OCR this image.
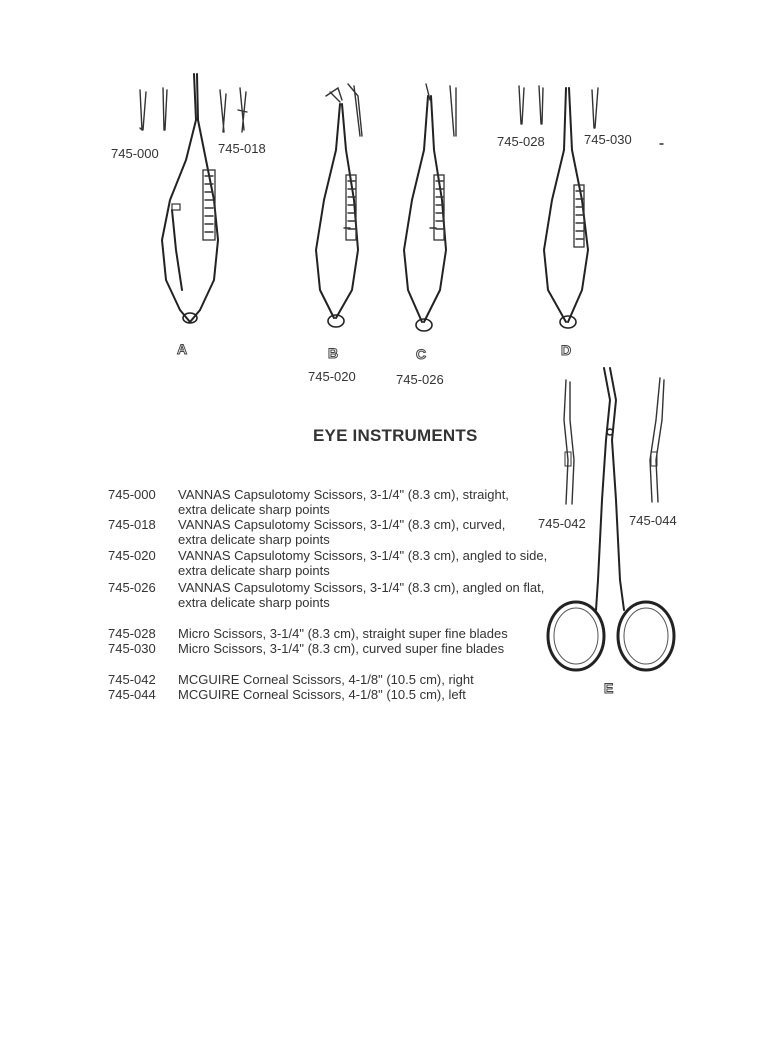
745-000	745-018
A	B
745-020
C
745-026
745-028	745-030
D
745-042	745-044
E
EYE INSTRUMENTS
745-000 VANNAS Capsulotomy Scissors, 3-1/4" (8.3 cm), straight,
extra delicate sharp points
745-018 VANNAS Capsulotomy Scissors, 3-1/4" (8.3 cm), curved,
extra delicate sharp points
745-020 VANNAS Capsulotomy Scissors, 3-1/4" (8.3 cm), angled to side,
extra delicate sharp points
745-026 VANNAS Capsulotomy Scissors, 3-1/4" (8.3 cm), angled on flat,
extra delicate sharp points
745-028 Micro Scissors, 3-1/4" (8.3 cm), straight super fine blades
745-030 Micro Scissors, 3-1/4" (8.3 cm), curved super fine blades
745-042 MCGUIRE Corneal Scissors, 4-1/8" (10.5 cm), right
745-044 MCGUIRE Corneal Scissors, 4-1/8" (10.5 cm), left
